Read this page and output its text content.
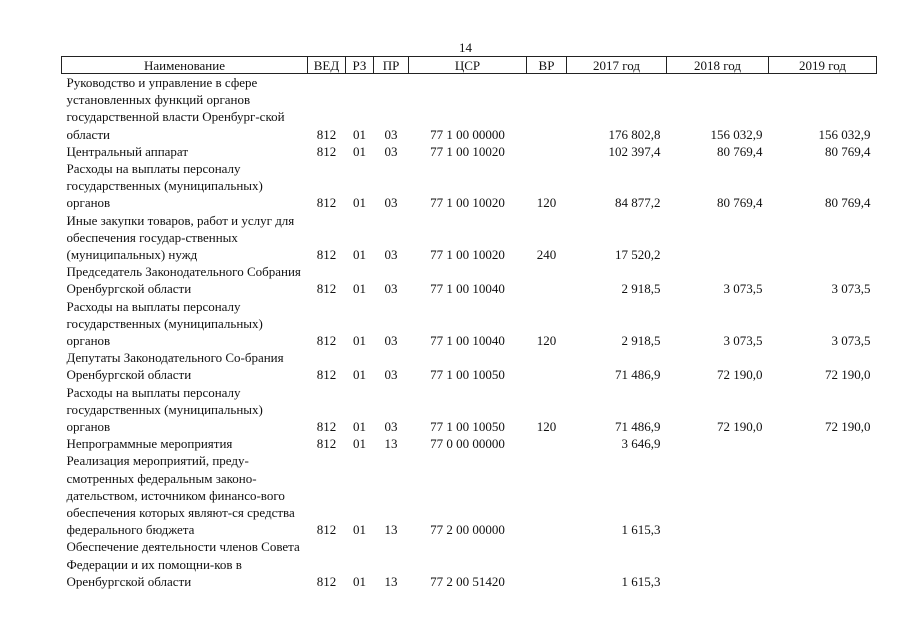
14
Наименование	ВЕД	РЗ	ПР	ЦСР	ВР	2017 год	2018 год	2019 год
Руководство и управление в сфере установленных функций органов государственной власти Оренбург-ской области	812	01	03	77 1 00 00000		176 802,8	156 032,9	156 032,9
Центральный аппарат	812	01	03	77 1 00 10020		102 397,4	80 769,4	80 769,4
Расходы на выплаты персоналу государственных (муниципальных) органов	812	01	03	77 1 00 10020	120	84 877,2	80 769,4	80 769,4
Иные закупки товаров, работ и услуг для обеспечения государ-ственных (муниципальных) нужд	812	01	03	77 1 00 10020	240	17 520,2		
Председатель Законодательного Собрания Оренбургской области	812	01	03	77 1 00 10040		2 918,5	3 073,5	3 073,5
Расходы на выплаты персоналу государственных (муниципальных) органов	812	01	03	77 1 00 10040	120	2 918,5	3 073,5	3 073,5
Депутаты Законодательного Со-брания Оренбургской области	812	01	03	77 1 00 10050		71 486,9	72 190,0	72 190,0
Расходы на выплаты персоналу государственных (муниципальных) органов	812	01	03	77 1 00 10050	120	71 486,9	72 190,0	72 190,0
Непрограммные мероприятия	812	01	13	77 0 00 00000		3 646,9		
Реализация мероприятий, преду-смотренных федеральным законо-дательством, источником финансо-вого обеспечения которых являют-ся средства федерального бюджета	812	01	13	77 2 00 00000		1 615,3		
Обеспечение деятельности членов Совета Федерации и их помощни-ков в Оренбургской области	812	01	13	77 2 00 51420		1 615,3		
